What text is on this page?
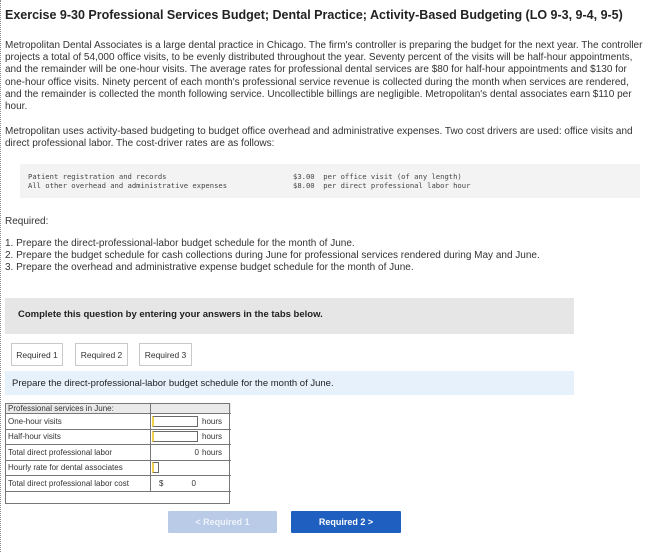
Exercise 9-30 Professional Services Budget; Dental Practice; Activity-Based Budgeting (LO 9-3, 9-4, 9-5)
Metropolitan Dental Associates is a large dental practice in Chicago. The firm's controller is preparing the budget for the next year. The controller projects a total of 54,000 office visits, to be evenly distributed throughout the year. Seventy percent of the visits will be half-hour appointments, and the remainder will be one-hour visits. The average rates for professional dental services are $80 for half-hour appointments and $130 for one-hour office visits. Ninety percent of each month's professional service revenue is collected during the month when services are rendered, and the remainder is collected the month following service. Uncollectible billings are negligible. Metropolitan's dental associates earn $110 per hour.
Metropolitan uses activity-based budgeting to budget office overhead and administrative expenses. Two cost drivers are used: office visits and direct professional labor. The cost-driver rates are as follows:
Patient registration and records	$3.00  per office visit (of any length)
All other overhead and administrative expenses	$8.00  per direct professional labor hour
Required:
1. Prepare the direct-professional-labor budget schedule for the month of June.
2. Prepare the budget schedule for cash collections during June for professional services rendered during May and June.
3. Prepare the overhead and administrative expense budget schedule for the month of June.
Complete this question by entering your answers in the tabs below.
Required 1	Required 2	Required 3
Prepare the direct-professional-labor budget schedule for the month of June.
Professional services in June:		
One-hour visits		hours
Half-hour visits		hours
Total direct professional labor	0	hours
Hourly rate for dental associates	

Total direct professional labor cost	$ 0	

< Required 1	Required 2 >
